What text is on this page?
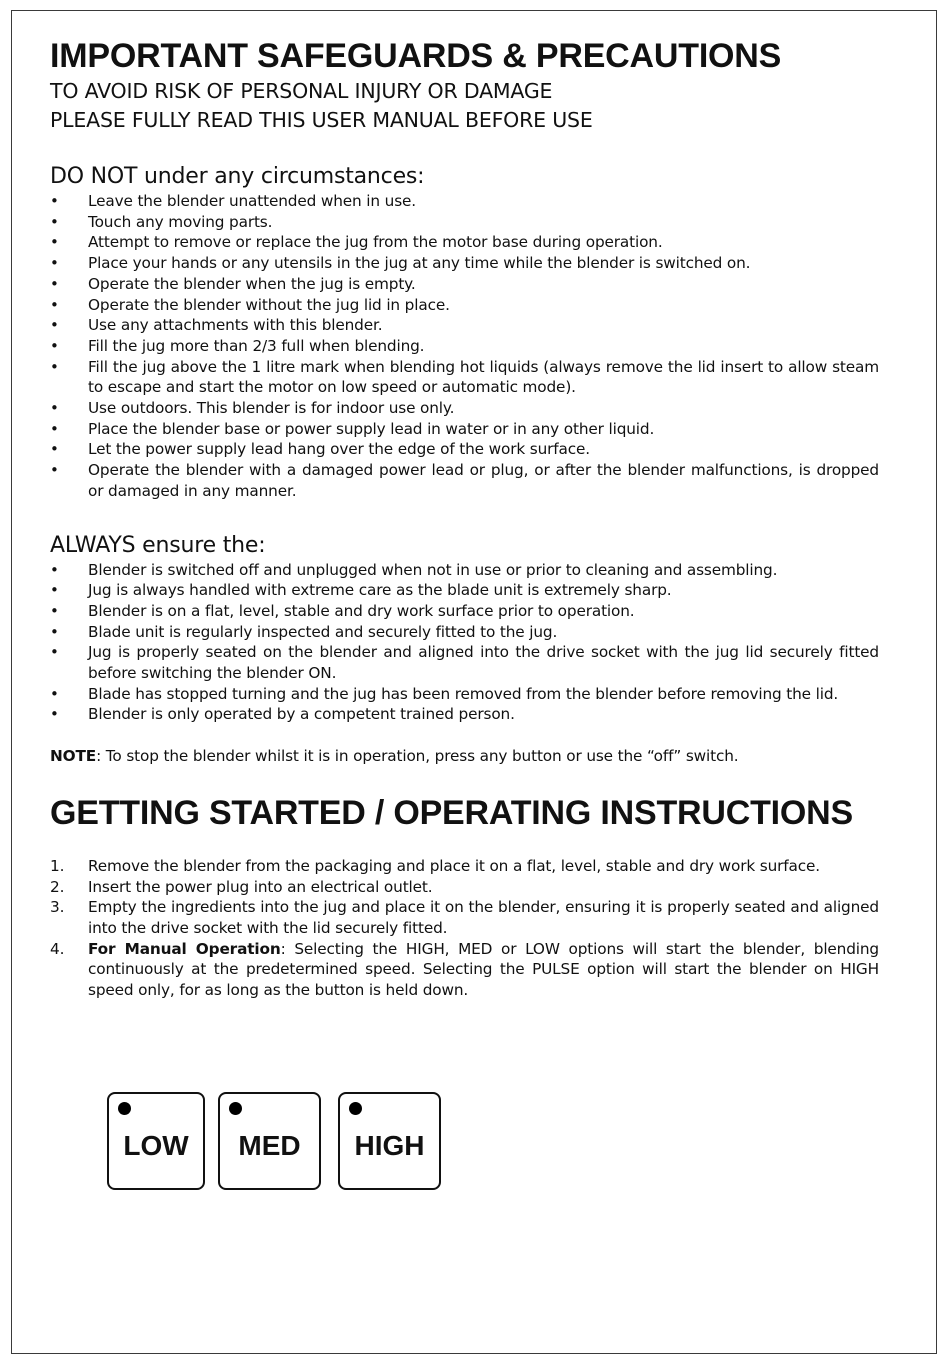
IMPORTANT SAFEGUARDS & PRECAUTIONS

TO AVOID RISK OF PERSONAL INJURY OR DAMAGE

PLEASE FULLY READ THIS USER MANUAL BEFORE USE

DO NOT under any circumstances:

• Leave the blender unattended when in use.
• Touch any moving parts.
• Attempt to remove or replace the jug from the motor base during operation.
• Place your hands or any utensils in the jug at any time while the blender is switched on.
• Operate the blender when the jug is empty.
• Operate the blender without the jug lid in place.
• Use any attachments with this blender.
• Fill the jug more than 2/3 full when blending.
• Fill the jug above the 1 litre mark when blending hot liquids (always remove the lid insert to allow steam to escape and start the motor on low speed or automatic mode).
• Use outdoors. This blender is for indoor use only.
• Place the blender base or power supply lead in water or in any other liquid.
• Let the power supply lead hang over the edge of the work surface.
• Operate the blender with a damaged power lead or plug, or after the blender malfunctions, is dropped or damaged in any manner.

ALWAYS ensure the:

• Blender is switched off and unplugged when not in use or prior to cleaning and assembling.
• Jug is always handled with extreme care as the blade unit is extremely sharp.
• Blender is on a flat, level, stable and dry work surface prior to operation.
• Blade unit is regularly inspected and securely fitted to the jug.
• Jug is properly seated on the blender and aligned into the drive socket with the jug lid securely fitted before switching the blender ON.
• Blade has stopped turning and the jug has been removed from the blender before removing the lid.
• Blender is only operated by a competent trained person.

NOTE: To stop the blender whilst it is in operation, press any button or use the “off” switch.

GETTING STARTED / OPERATING INSTRUCTIONS
1. Remove the blender from the packaging and place it on a flat, level, stable and dry work surface.
2. Insert the power plug into an electrical outlet.
3. Empty the ingredients into the jug and place it on the blender, ensuring it is properly seated and aligned into the drive socket with the lid securely fitted.
4. For Manual Operation: Selecting the HIGH, MED or LOW options will start the blender, blending continuously at the predetermined speed. Selecting the PULSE option will start the blender on HIGH speed only, for as long as the button is held down.
LOW	MED	HIGH
